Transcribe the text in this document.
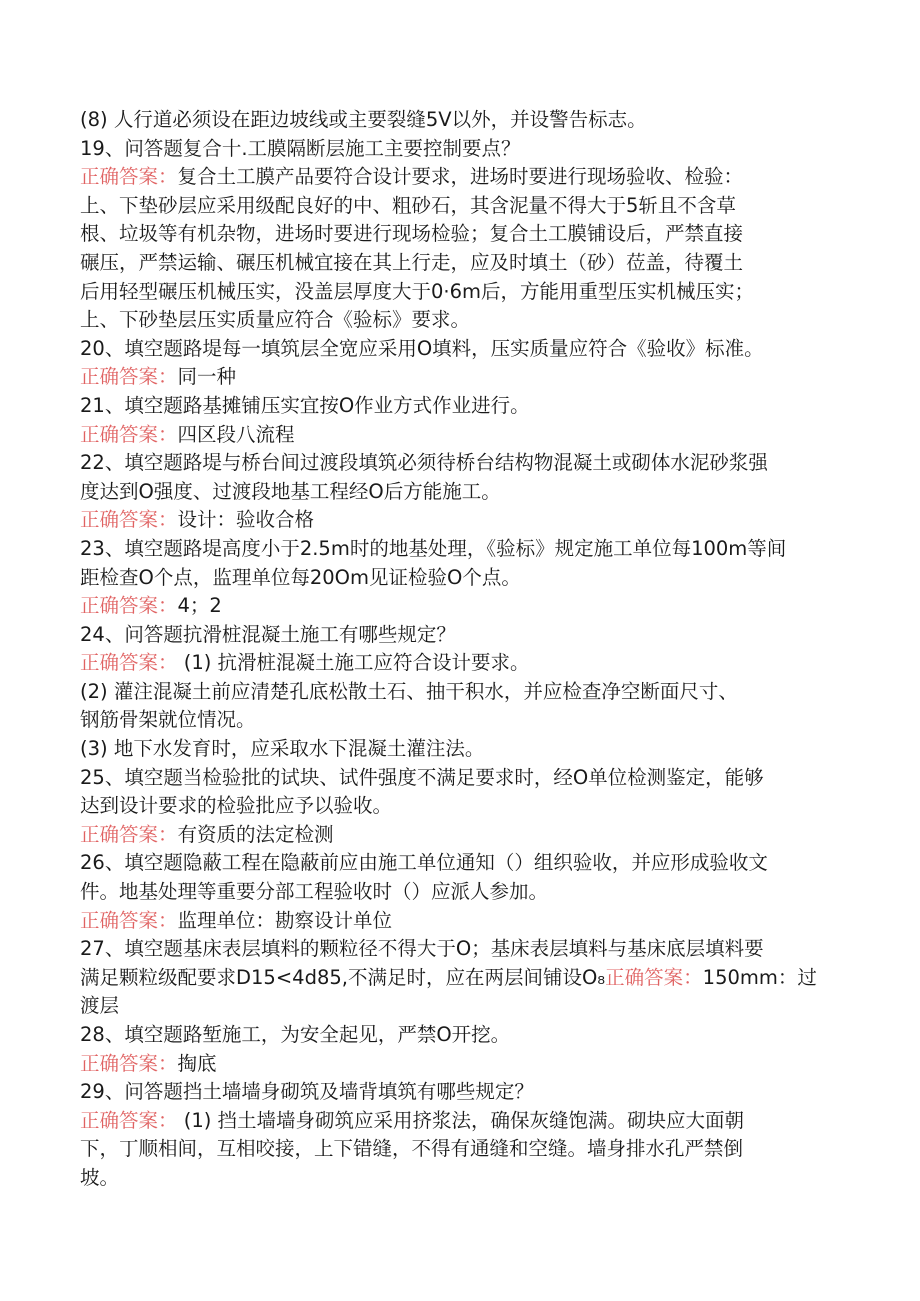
(8) 人行道必须设在距边坡线或主要裂缝5V以外，并设警告标志。
19、问答题复合十.工膜隔断层施工主要控制要点？
正确答案：复合土工膜产品要符合设计要求，进场时要进行现场验收、检验：
上、下垫砂层应采用级配良好的中、粗砂石，其含泥量不得大于5斩且不含草
根、垃圾等有机杂物，进场时要进行现场检验；复合土工膜铺设后，严禁直接
碾压，严禁运输、碾压机械宜接在其上行走，应及时填土（砂）莅盖，待覆土
后用轻型碾压机械压实，没盖层厚度大于0·6m后，方能用重型压实机械压实；
上、下砂垫层压实质量应符合《验标》要求。
20、填空题路堤每一填筑层全宽应采用O填料，压实质量应符合《验收》标准。
正确答案：同一种
21、填空题路基摊铺压实宜按O作业方式作业进行。
正确答案：四区段八流程
22、填空题路堤与桥台间过渡段填筑必须待桥台结构物混凝土或砌体水泥砂浆强
度达到O强度、过渡段地基工程经O后方能施工。
正确答案：设计：验收合格
23、填空题路堤高度小于2.5m时的地基处理，《验标》规定施工单位每100m等间
距检查O个点，监理单位每20Om见证检验O个点。
正确答案：4；2
24、问答题抗滑桩混凝土施工有哪些规定？
正确答案： (1) 抗滑桩混凝土施工应符合设计要求。
(2) 灌注混凝土前应清楚孔底松散土石、抽干积水，并应检查净空断面尺寸、
钢筋骨架就位情况。
(3) 地下水发育时，应采取水下混凝土灌注法。
25、填空题当检验批的试块、试件强度不满足要求时，经O单位检测鉴定，能够
达到设计要求的检验批应予以验收。
正确答案：有资质的法定检测
26、填空题隐蔽工程在隐蔽前应由施工单位通知（）组织验收，并应形成验收文
件。地基处理等重要分部工程验收时（）应派人参加。
正确答案：监理单位：勘察设计单位
27、填空题基床表层填料的颗粒径不得大于O；基床表层填料与基床底层填料要
满足颗粒级配要求D15<4d85,不满足时，应在两层间铺设O₈正确答案：150mm：过
渡层
28、填空题路堑施工，为安全起见，严禁O开挖。
正确答案：掏底
29、问答题挡土墙墙身砌筑及墙背填筑有哪些规定？
正确答案： (1) 挡土墙墙身砌筑应采用挤浆法，确保灰缝饱满。砌块应大面朝
下，丁顺相间，互相咬接，上下错缝，不得有通缝和空缝。墙身排水孔严禁倒
坡。
